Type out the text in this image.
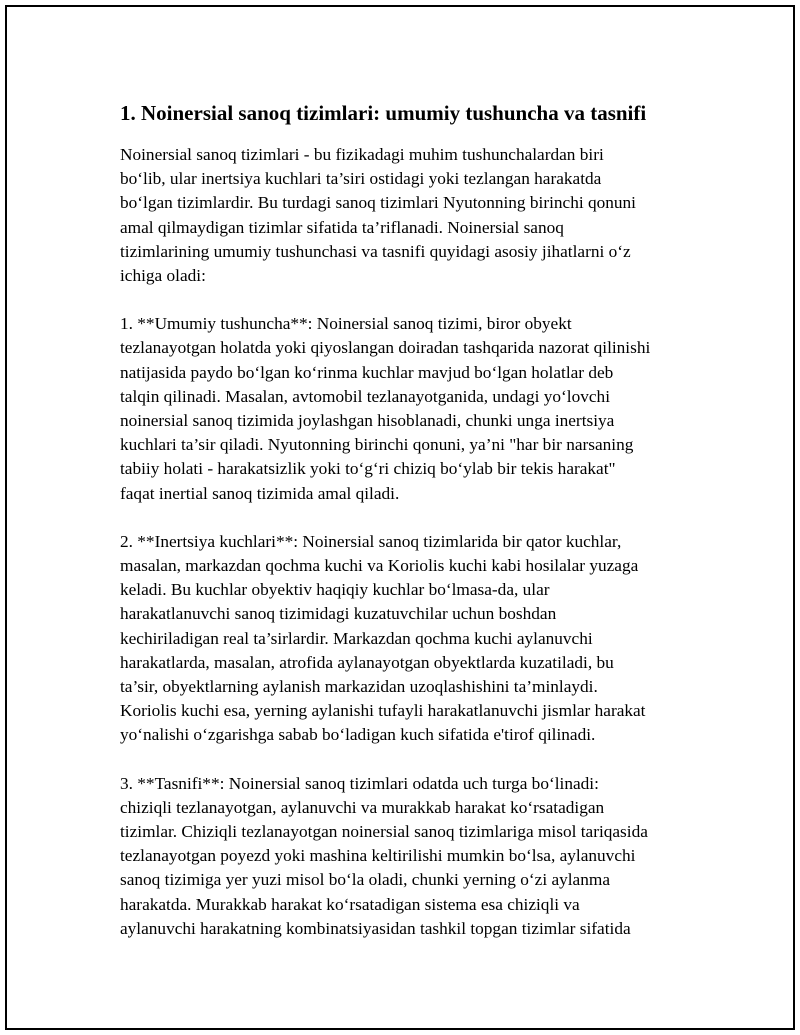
1. Noinersial sanoq tizimlari: umumiy tushuncha va tasnifi

Noinersial sanoq tizimlari - bu fizikadagi muhim tushunchalardan biri
bo‘lib, ular inertsiya kuchlari ta’siri ostidagi yoki tezlangan harakatda
bo‘lgan tizimlardir. Bu turdagi sanoq tizimlari Nyutonning birinchi qonuni
amal qilmaydigan tizimlar sifatida ta’riflanadi. Noinersial sanoq
tizimlarining umumiy tushunchasi va tasnifi quyidagi asosiy jihatlarni o‘z
ichiga oladi:

1. **Umumiy tushuncha**: Noinersial sanoq tizimi, biror obyekt
tezlanayotgan holatda yoki qiyoslangan doiradan tashqarida nazorat qilinishi
natijasida paydo bo‘lgan ko‘rinma kuchlar mavjud bo‘lgan holatlar deb
talqin qilinadi. Masalan, avtomobil tezlanayotganida, undagi yo‘lovchi
noinersial sanoq tizimida joylashgan hisoblanadi, chunki unga inertsiya
kuchlari ta’sir qiladi. Nyutonning birinchi qonuni, ya’ni "har bir narsaning
tabiiy holati - harakatsizlik yoki to‘g‘ri chiziq bo‘ylab bir tekis harakat"
faqat inertial sanoq tizimida amal qiladi.

2. **Inertsiya kuchlari**: Noinersial sanoq tizimlarida bir qator kuchlar,
masalan, markazdan qochma kuchi va Koriolis kuchi kabi hosilalar yuzaga
keladi. Bu kuchlar obyektiv haqiqiy kuchlar bo‘lmasa-da, ular
harakatlanuvchi sanoq tizimidagi kuzatuvchilar uchun boshdan
kechiriladigan real ta’sirlardir. Markazdan qochma kuchi aylanuvchi
harakatlarda, masalan, atrofida aylanayotgan obyektlarda kuzatiladi, bu
ta’sir, obyektlarning aylanish markazidan uzoqlashishini ta’minlaydi.
Koriolis kuchi esa, yerning aylanishi tufayli harakatlanuvchi jismlar harakat
yo‘nalishi o‘zgarishga sabab bo‘ladigan kuch sifatida e'tirof qilinadi.

3. **Tasnifi**: Noinersial sanoq tizimlari odatda uch turga bo‘linadi:
chiziqli tezlanayotgan, aylanuvchi va murakkab harakat ko‘rsatadigan
tizimlar. Chiziqli tezlanayotgan noinersial sanoq tizimlariga misol tariqasida
tezlanayotgan poyezd yoki mashina keltirilishi mumkin bo‘lsa, aylanuvchi
sanoq tizimiga yer yuzi misol bo‘la oladi, chunki yerning o‘zi aylanma
harakatda. Murakkab harakat ko‘rsatadigan sistema esa chiziqli va
aylanuvchi harakatning kombinatsiyasidan tashkil topgan tizimlar sifatida
